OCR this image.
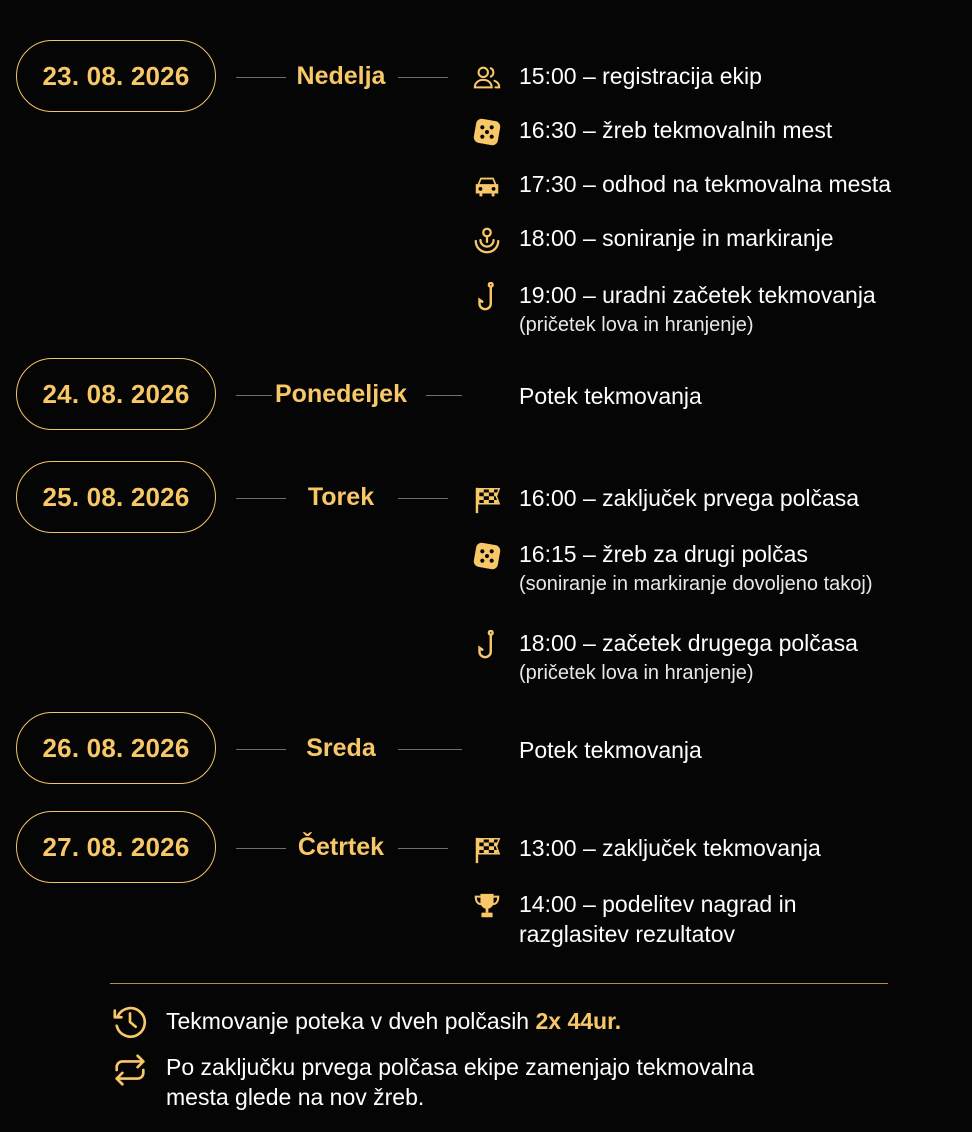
23. 08. 2026	Nedelja	15:00 – registracija ekip
16:30 – žreb tekmovalnih mest
17:30 – odhod na tekmovalna mesta
18:00 – soniranje in markiranje
19:00 – uradni začetek tekmovanja
(pričetek lova in hranjenje)
24. 08. 2026	Ponedeljek	Potek tekmovanja
25. 08. 2026	Torek	16:00 – zaključek prvega polčasa
16:15 – žreb za drugi polčas
(soniranje in markiranje dovoljeno takoj)
18:00 – začetek drugega polčasa
(pričetek lova in hranjenje)
26. 08. 2026	Sreda	Potek tekmovanja
27. 08. 2026	Četrtek	13:00 – zaključek tekmovanja
14:00 – podelitev nagrad in
razglasitev rezultatov
Tekmovanje poteka v dveh polčasih 2x 44ur.
Po zaključku prvega polčasa ekipe zamenjajo tekmovalna
mesta glede na nov žreb.
